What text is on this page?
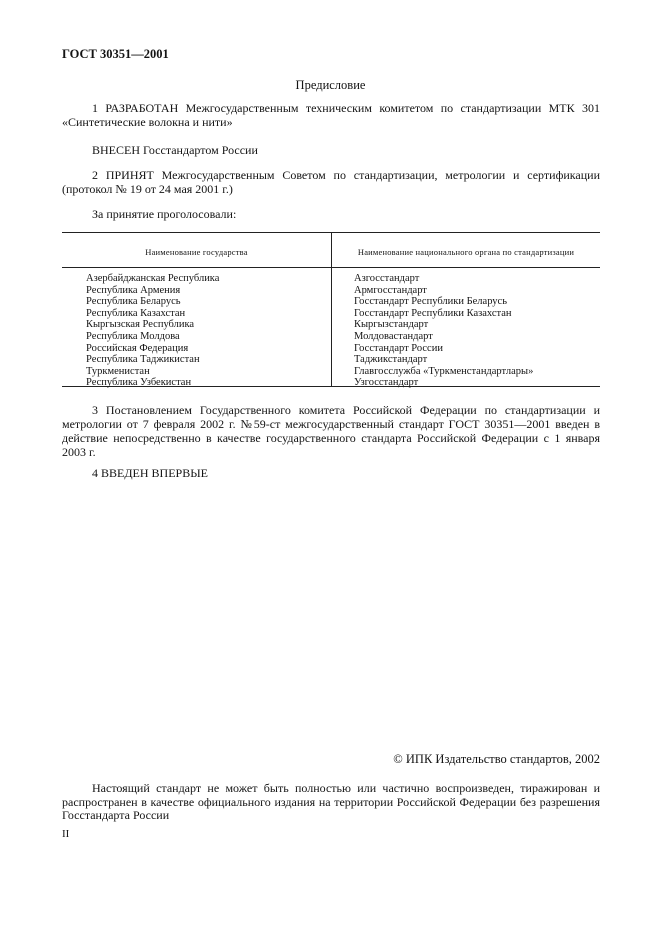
ГОСТ 30351—2001
Предисловие
1 РАЗРАБОТАН Межгосударственным техническим комитетом по стандартизации МТК 301 «Синтетические волокна и нити»
ВНЕСЕН Госстандартом России
2 ПРИНЯТ Межгосударственным Советом по стандартизации, метрологии и сертификации (протокол № 19 от 24 мая 2001 г.)
За принятие проголосовали:
Наименование государства	Наименование национального органа по стандартизации
Азербайджанская Республика
Республика Армения
Республика Беларусь
Республика Казахстан
Кыргызская Республика
Республика Молдова
Российская Федерация
Республика Таджикистан
Туркменистан
Республика Узбекистан
Азгосстандарт
Армгосстандарт
Госстандарт Республики Беларусь
Госстандарт Республики Казахстан
Кыргызстандарт
Молдовастандарт
Госстандарт России
Таджикстандарт
Главгосслужба «Туркменстандартлары»
Узгосстандарт
3 Постановлением Государственного комитета Российской Федерации по стандартизации и метрологии от 7 февраля 2002 г. №59-ст межгосударственный стандарт ГОСТ 30351—2001 введен в действие непосредственно в качестве государственного стандарта Российской Федерации с 1 января 2003 г.
4 ВВЕДЕН ВПЕРВЫЕ
© ИПК Издательство стандартов, 2002
Настоящий стандарт не может быть полностью или частично воспроизведен, тиражирован и распространен в качестве официального издания на территории Российской Федерации без разрешения Госстандарта России
II
